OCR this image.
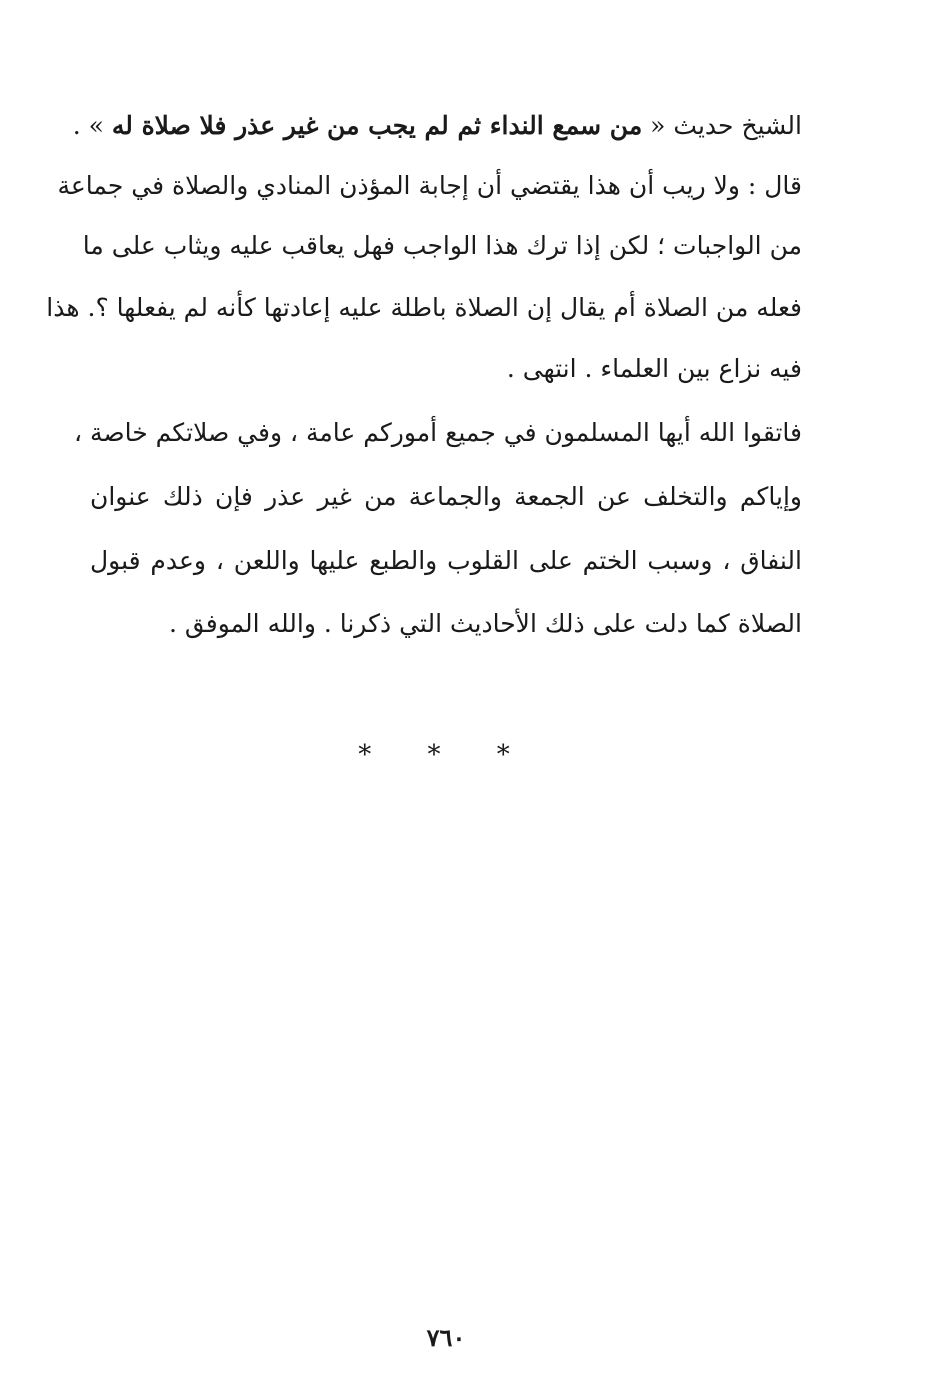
الشيخ حديث « من سمع النداء ثم لم يجب من غير عذر فلا صلاة له » .
قال : ولا ريب أن هذا يقتضي أن إجابة المؤذن المنادي والصلاة في جماعة
من الواجبات ؛ لكن إذا ترك هذا الواجب فهل يعاقب عليه ويثاب على ما
فعله من الصلاة أم يقال إن الصلاة باطلة عليه إعادتها كأنه لم يفعلها ؟. هذا
فيه نزاع بين العلماء . انتهى .
فاتقوا الله أيها المسلمون في جميع أموركم عامة ، وفي صلاتكم خاصة ،
وإياكم والتخلف عن الجمعة والجماعة من غير عذر فإن ذلك عنوان
النفاق ، وسبب الختم على القلوب والطبع عليها واللعن ، وعدم قبول
الصلاة كما دلت على ذلك الأحاديث التي ذكرنا . والله الموفق .
* * *
٧٦٠
